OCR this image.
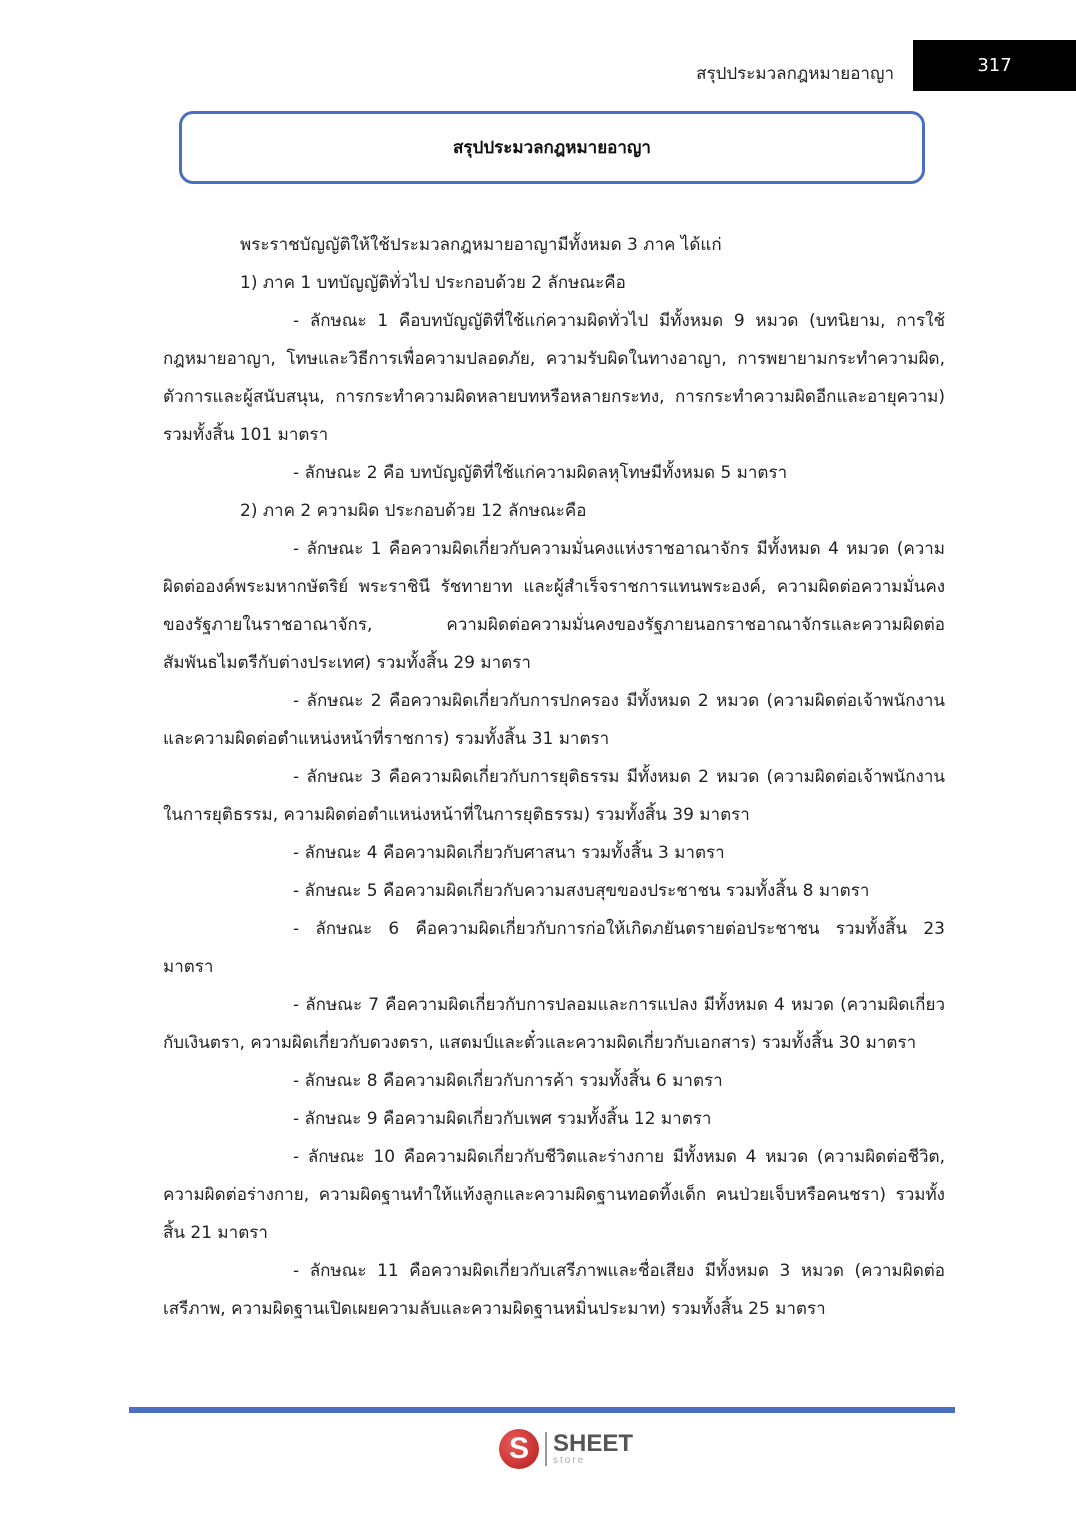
สรุปประมวลกฎหมายอาญา	317
สรุปประมวลกฎหมายอาญา

พระราชบัญญัติให้ใช้ประมวลกฎหมายอาญามีทั้งหมด 3 ภาค ได้แก่

1) ภาค 1 บทบัญญัติทั่วไป ประกอบด้วย 2 ลักษณะคือ

- ลักษณะ 1 คือบทบัญญัติที่ใช้แก่ความผิดทั่วไป มีทั้งหมด 9 หมวด (บทนิยาม, การใช้กฎหมายอาญา, โทษและวิธีการเพื่อความปลอดภัย, ความรับผิดในทางอาญา, การพยายามกระทำความผิด, ตัวการและผู้สนับสนุน, การกระทำความผิดหลายบทหรือหลายกระทง, การกระทำความผิดอีกและอายุความ) รวมทั้งสิ้น 101 มาตรา

- ลักษณะ 2 คือ บทบัญญัติที่ใช้แก่ความผิดลหุโทษมีทั้งหมด 5 มาตรา

2) ภาค 2 ความผิด ประกอบด้วย 12 ลักษณะคือ

- ลักษณะ 1 คือความผิดเกี่ยวกับความมั่นคงแห่งราชอาณาจักร มีทั้งหมด 4 หมวด (ความผิดต่อองค์พระมหากษัตริย์ พระราชินี รัชทายาท และผู้สำเร็จราชการแทนพระองค์, ความผิดต่อความมั่นคงของรัฐภายในราชอาณาจักร, ความผิดต่อความมั่นคงของรัฐภายนอกราชอาณาจักรและความผิดต่อสัมพันธไมตรีกับต่างประเทศ) รวมทั้งสิ้น 29 มาตรา

- ลักษณะ 2 คือความผิดเกี่ยวกับการปกครอง มีทั้งหมด 2 หมวด (ความผิดต่อเจ้าพนักงานและความผิดต่อตำแหน่งหน้าที่ราชการ) รวมทั้งสิ้น 31 มาตรา

- ลักษณะ 3 คือความผิดเกี่ยวกับการยุติธรรม มีทั้งหมด 2 หมวด (ความผิดต่อเจ้าพนักงานในการยุติธรรม, ความผิดต่อตำแหน่งหน้าที่ในการยุติธรรม) รวมทั้งสิ้น 39 มาตรา

- ลักษณะ 4 คือความผิดเกี่ยวกับศาสนา รวมทั้งสิ้น 3 มาตรา

- ลักษณะ 5 คือความผิดเกี่ยวกับความสงบสุขของประชาชน รวมทั้งสิ้น 8 มาตรา

- ลักษณะ 6 คือความผิดเกี่ยวกับการก่อให้เกิดภยันตรายต่อประชาชน รวมทั้งสิ้น 23 มาตรา

- ลักษณะ 7 คือความผิดเกี่ยวกับการปลอมและการแปลง มีทั้งหมด 4 หมวด (ความผิดเกี่ยวกับเงินตรา, ความผิดเกี่ยวกับดวงตรา, แสตมป์และตั๋วและความผิดเกี่ยวกับเอกสาร) รวมทั้งสิ้น 30 มาตรา

- ลักษณะ 8 คือความผิดเกี่ยวกับการค้า รวมทั้งสิ้น 6 มาตรา

- ลักษณะ 9 คือความผิดเกี่ยวกับเพศ รวมทั้งสิ้น 12 มาตรา

- ลักษณะ 10 คือความผิดเกี่ยวกับชีวิตและร่างกาย มีทั้งหมด 4 หมวด (ความผิดต่อชีวิต, ความผิดต่อร่างกาย, ความผิดฐานทำให้แท้งลูกและความผิดฐานทอดทิ้งเด็ก คนป่วยเจ็บหรือคนชรา) รวมทั้งสิ้น 21 มาตรา

- ลักษณะ 11 คือความผิดเกี่ยวกับเสรีภาพและชื่อเสียง มีทั้งหมด 3 หมวด (ความผิดต่อเสรีภาพ, ความผิดฐานเปิดเผยความลับและความผิดฐานหมิ่นประมาท) รวมทั้งสิ้น 25 มาตรา

S	SHEET
store
